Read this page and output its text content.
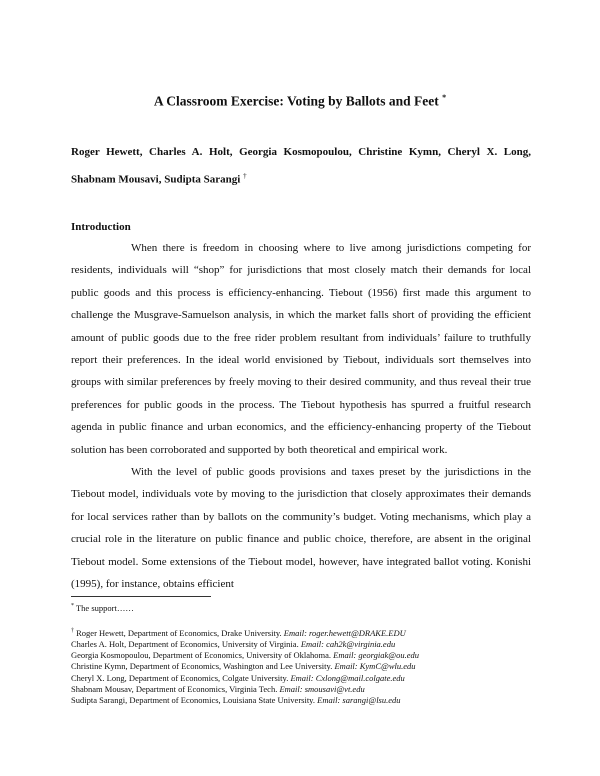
A Classroom Exercise: Voting by Ballots and Feet *
Roger Hewett, Charles A. Holt, Georgia Kosmopoulou, Christine Kymn, Cheryl X. Long,
Shabnam Mousavi, Sudipta Sarangi †
Introduction

When there is freedom in choosing where to live among jurisdictions competing for residents, individuals will “shop” for jurisdictions that most closely match their demands for local public goods and this process is efficiency-enhancing. Tiebout (1956) first made this argument to challenge the Musgrave-Samuelson analysis, in which the market falls short of providing the efficient amount of public goods due to the free rider problem resultant from individuals’ failure to truthfully report their preferences. In the ideal world envisioned by Tiebout, individuals sort themselves into groups with similar preferences by freely moving to their desired community, and thus reveal their true preferences for public goods in the process. The Tiebout hypothesis has spurred a fruitful research agenda in public finance and urban economics, and the efficiency-enhancing property of the Tiebout solution has been corroborated and supported by both theoretical and empirical work.

With the level of public goods provisions and taxes preset by the jurisdictions in the Tiebout model, individuals vote by moving to the jurisdiction that closely approximates their demands for local services rather than by ballots on the community’s budget. Voting mechanisms, which play a crucial role in the literature on public finance and public choice, therefore, are absent in the original Tiebout model. Some extensions of the Tiebout model, however, have integrated ballot voting. Konishi (1995), for instance, obtains efficient

* The support……
† Roger Hewett, Department of Economics, Drake University. Email: roger.hewett@DRAKE.EDU
Charles A. Holt, Department of Economics, University of Virginia. Email: cah2k@virginia.edu
Georgia Kosmopoulou, Department of Economics, University of Oklahoma. Email: georgiak@ou.edu
Christine Kymn, Department of Economics, Washington and Lee University. Email: KymC@wlu.edu
Cheryl X. Long, Department of Economics, Colgate University. Email: Cxlong@mail.colgate.edu
Shabnam Mousav, Department of Economics, Virginia Tech. Email: smousavi@vt.edu
Sudipta Sarangi, Department of Economics, Louisiana State University. Email: sarangi@lsu.edu
